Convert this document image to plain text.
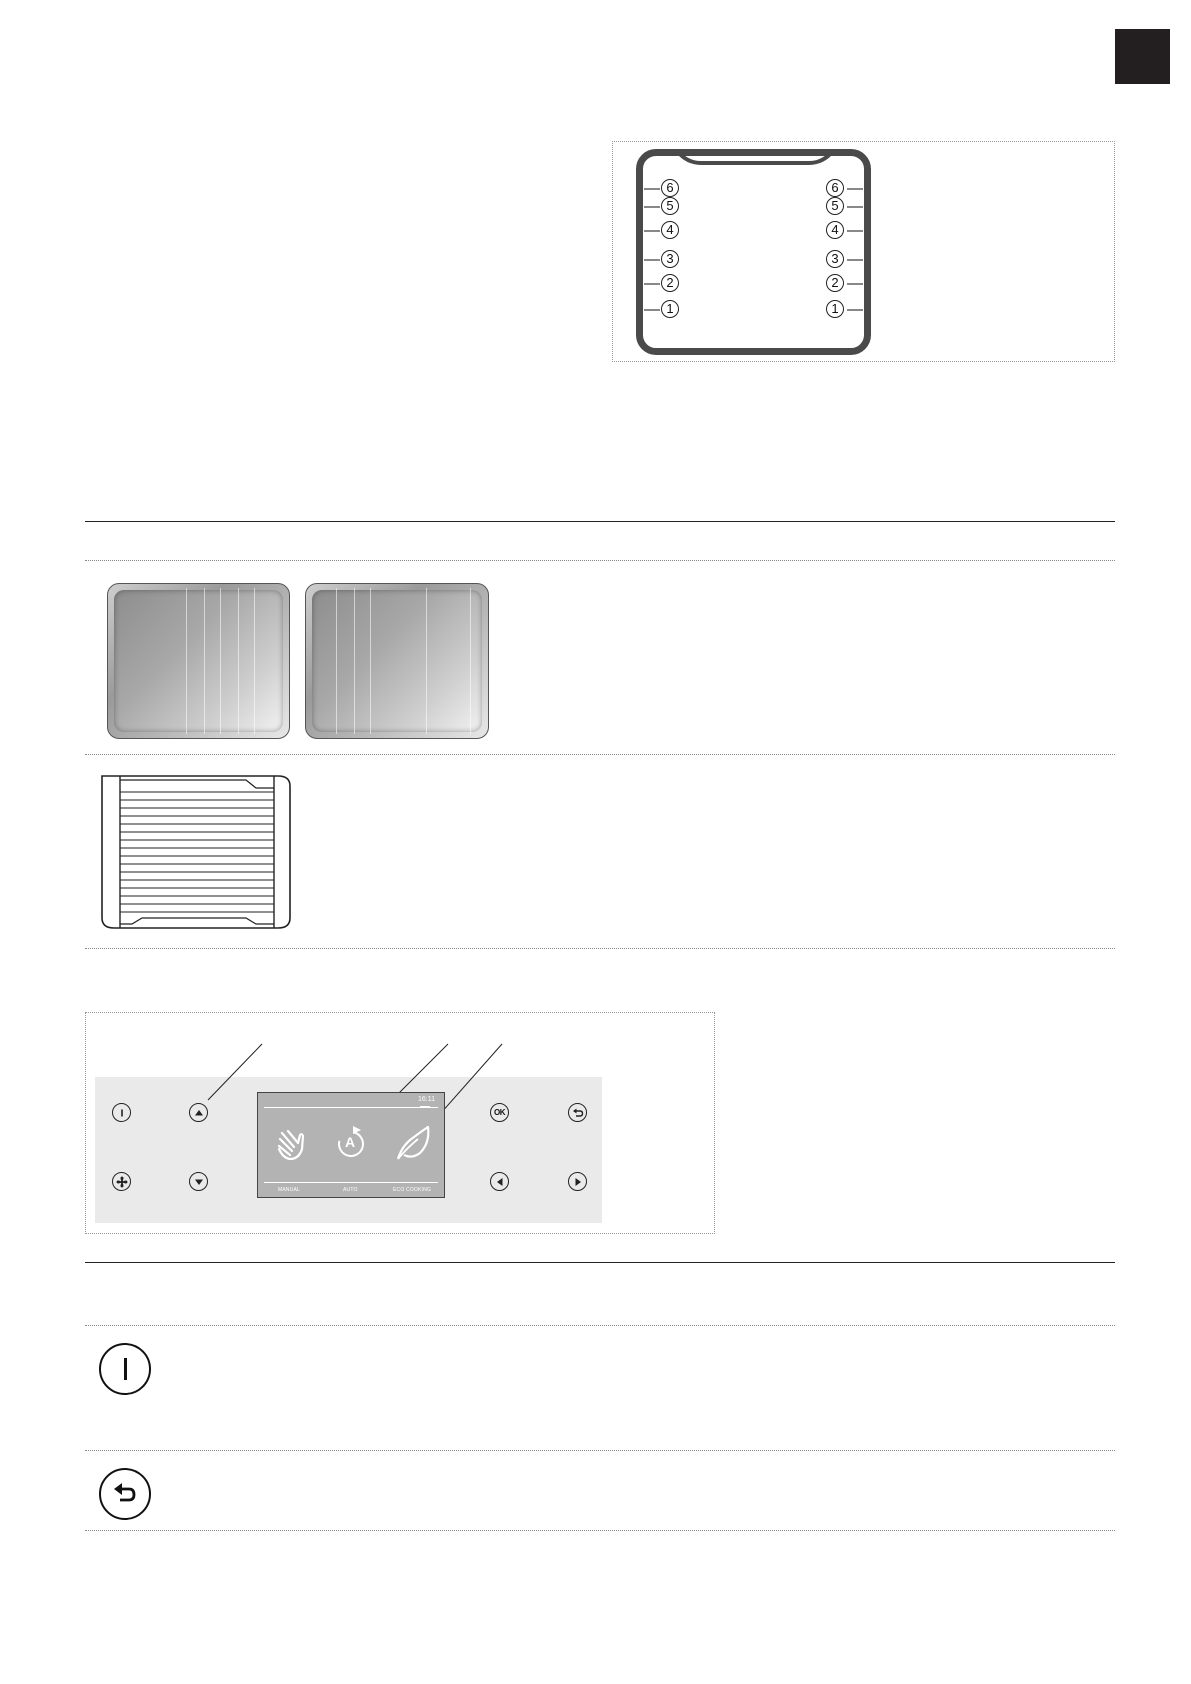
6
5
4
3
2
1
6
5
4
3
2
1
OK
16:11
A
MANUAL	AUTO	ECO COOKING
